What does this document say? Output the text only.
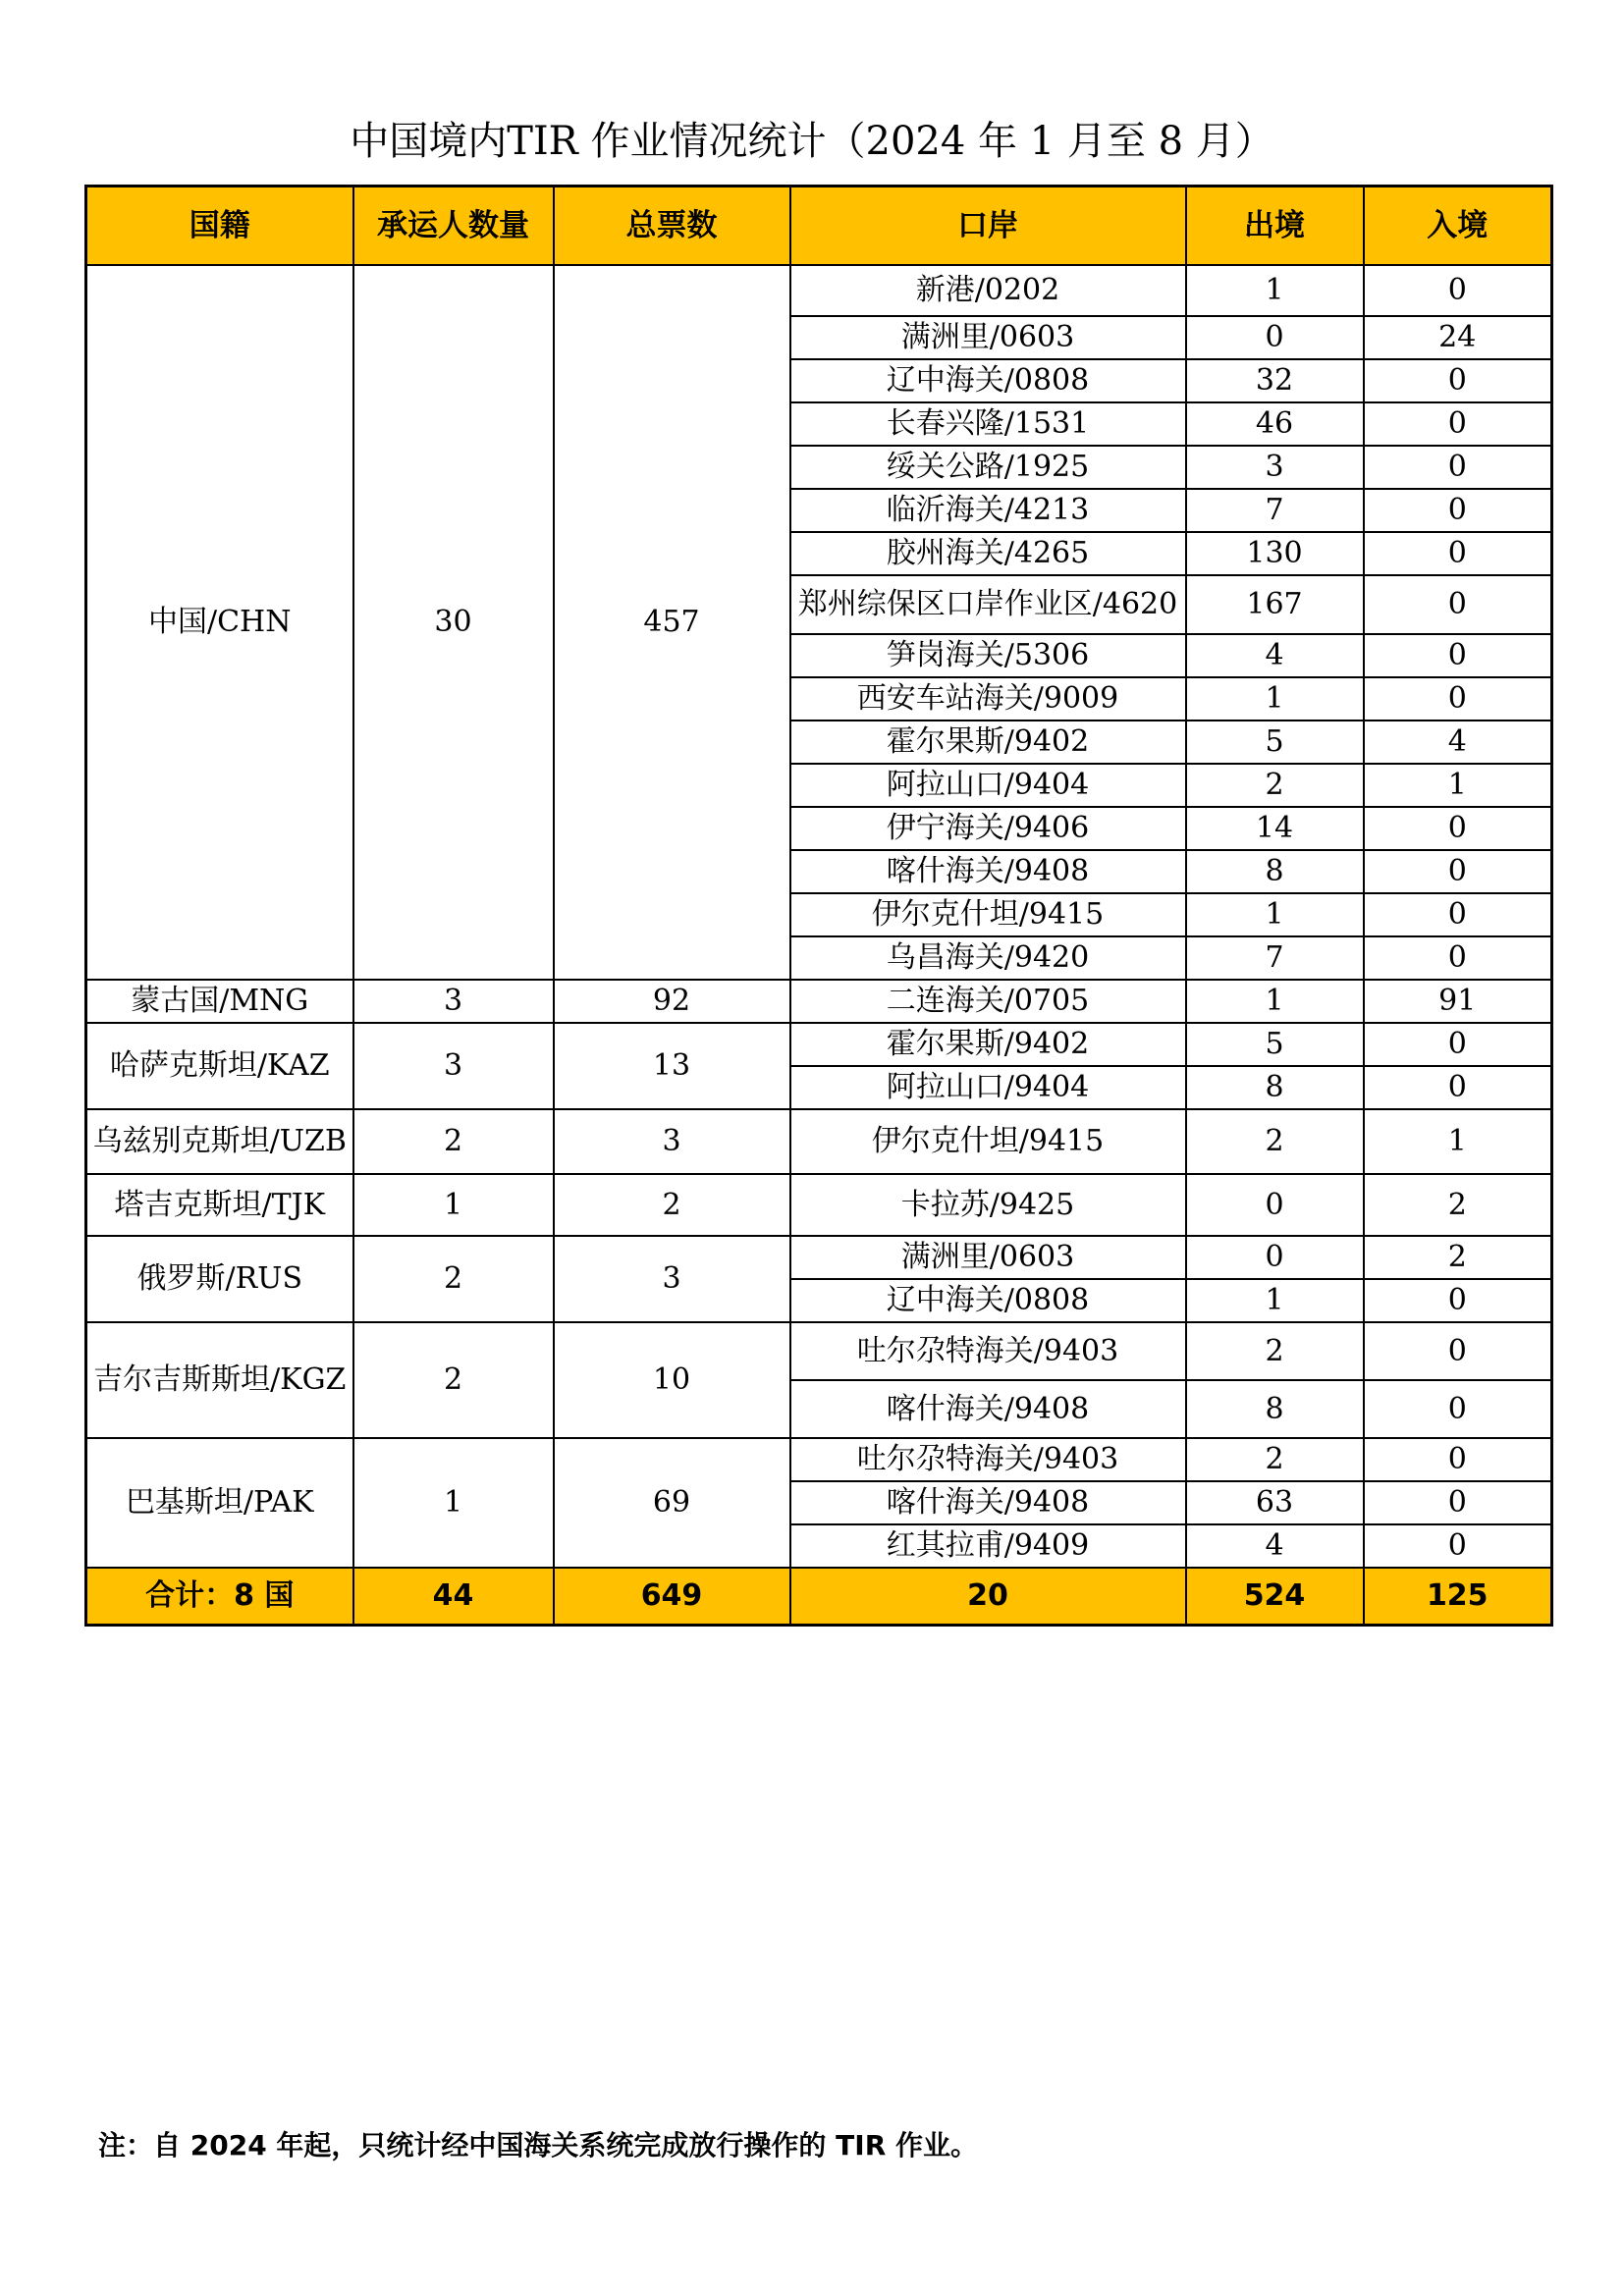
中国境内TIR 作业情况统计（2024 年 1 月至 8 月）
国籍	承运人数量	总票数	口岸	出境	入境
中国/CHN	30	457	新港/0202	1	0
			满洲里/0603	0	24
			辽中海关/0808	32	0
			长春兴隆/1531	46	0
			绥关公路/1925	3	0
			临沂海关/4213	7	0
			胶州海关/4265	130	0
			郑州综保区口岸作业区/4620	167	0
			笋岗海关/5306	4	0
			西安车站海关/9009	1	0
			霍尔果斯/9402	5	4
			阿拉山口/9404	2	1
			伊宁海关/9406	14	0
			喀什海关/9408	8	0
			伊尔克什坦/9415	1	0
			乌昌海关/9420	7	0
蒙古国/MNG	3	92	二连海关/0705	1	91
哈萨克斯坦/KAZ	3	13	霍尔果斯/9402	5	0
			阿拉山口/9404	8	0
乌兹别克斯坦/UZB	2	3	伊尔克什坦/9415	2	1
塔吉克斯坦/TJK	1	2	卡拉苏/9425	0	2
俄罗斯/RUS	2	3	满洲里/0603	0	2
			辽中海关/0808	1	0
吉尔吉斯斯坦/KGZ	2	10	吐尔尕特海关/9403	2	0
			喀什海关/9408	8	0
巴基斯坦/PAK	1	69	吐尔尕特海关/9403	2	0
			喀什海关/9408	63	0
			红其拉甫/9409	4	0
合计：8 国	44	649	20	524	125
注：自 2024 年起，只统计经中国海关系统完成放行操作的 TIR 作业。
